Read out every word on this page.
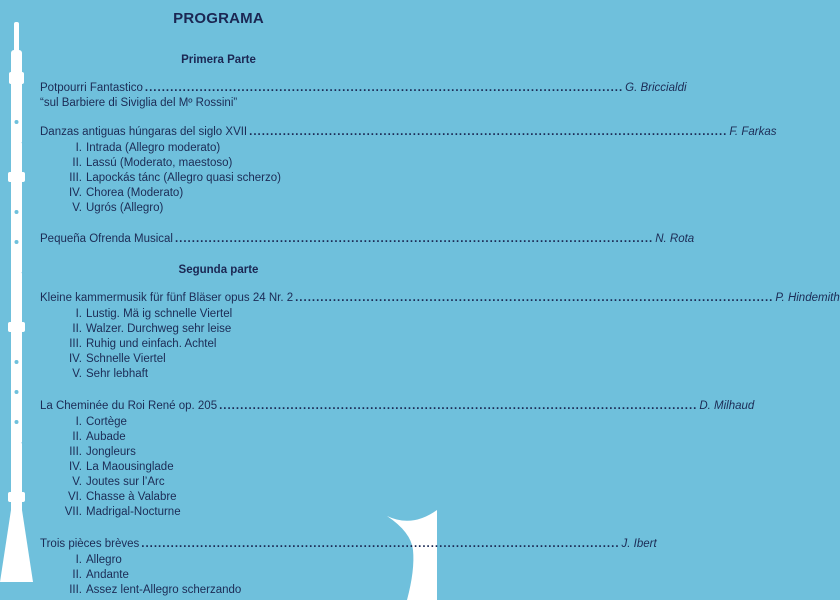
PROGRAMA
Primera Parte
Potpourri Fantastico .................................................................................................................. G. Briccialdi
“sul Barbiere di Siviglia del Mº Rossini”
Danzas antiguas húngaras del siglo XVII .................................................................................................................. F. Farkas
I. Intrada (Allegro moderato)
II. Lassú (Moderato, maestoso)
III. Lapockás tánc (Allegro quasi scherzo)
IV. Chorea (Moderato)
V. Ugrós (Allegro)
Pequeña Ofrenda Musical .................................................................................................................. N. Rota
Segunda parte
Kleine kammermusik für fünf Bläser opus 24 Nr. 2 .................................................................................................................. P. Hindemith
I. Lustig. Mä ig schnelle Viertel
II. Walzer. Durchweg sehr leise
III. Ruhig und einfach. Achtel
IV. Schnelle Viertel
V. Sehr lebhaft
La Cheminée du Roi René op. 205 .................................................................................................................. D. Milhaud
I. Cortège
II. Aubade
III. Jongleurs
IV. La Maousinglade
V. Joutes sur l’Arc
VI. Chasse à Valabre
VII. Madrigal-Nocturne
Trois pièces brèves .................................................................................................................. J. Ibert
I. Allegro
II. Andante
III. Assez lent-Allegro scherzando
